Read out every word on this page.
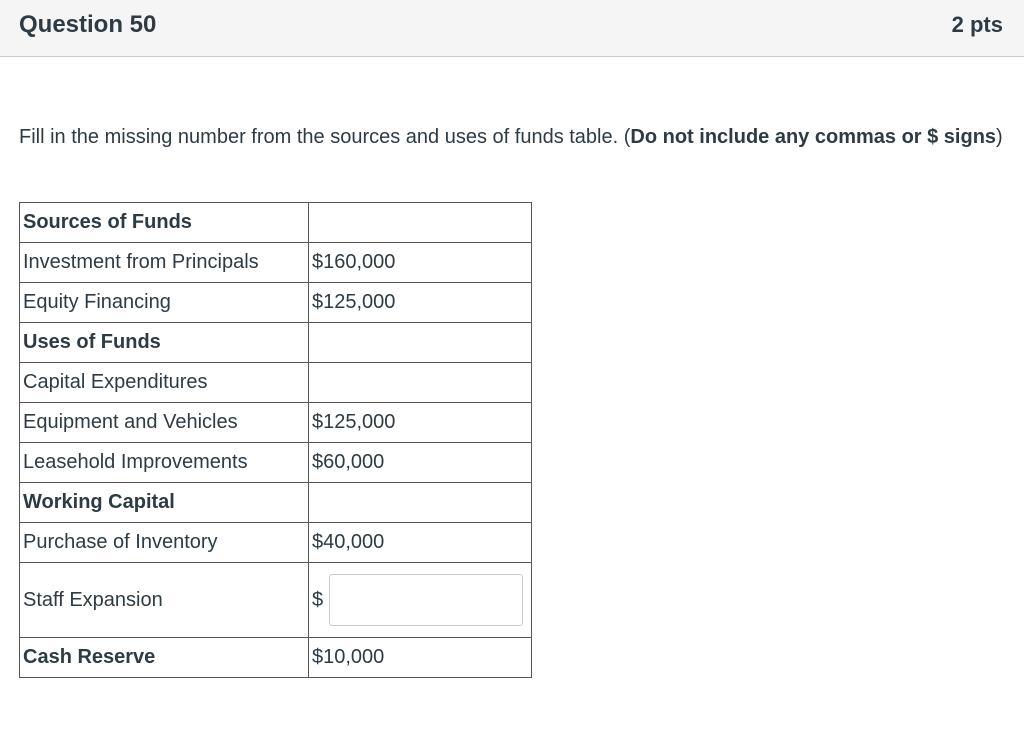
Question 50	2 pts
Fill in the missing number from the sources and uses of funds table. (Do not include any commas or $ signs)
Sources of Funds	
Investment from Principals	$160,000
Equity Financing	$125,000
Uses of Funds	
Capital Expenditures	
Equipment and Vehicles	$125,000
Leasehold Improvements	$60,000
Working Capital	
Purchase of Inventory	$40,000
Staff Expansion	$

Cash Reserve	$10,000
